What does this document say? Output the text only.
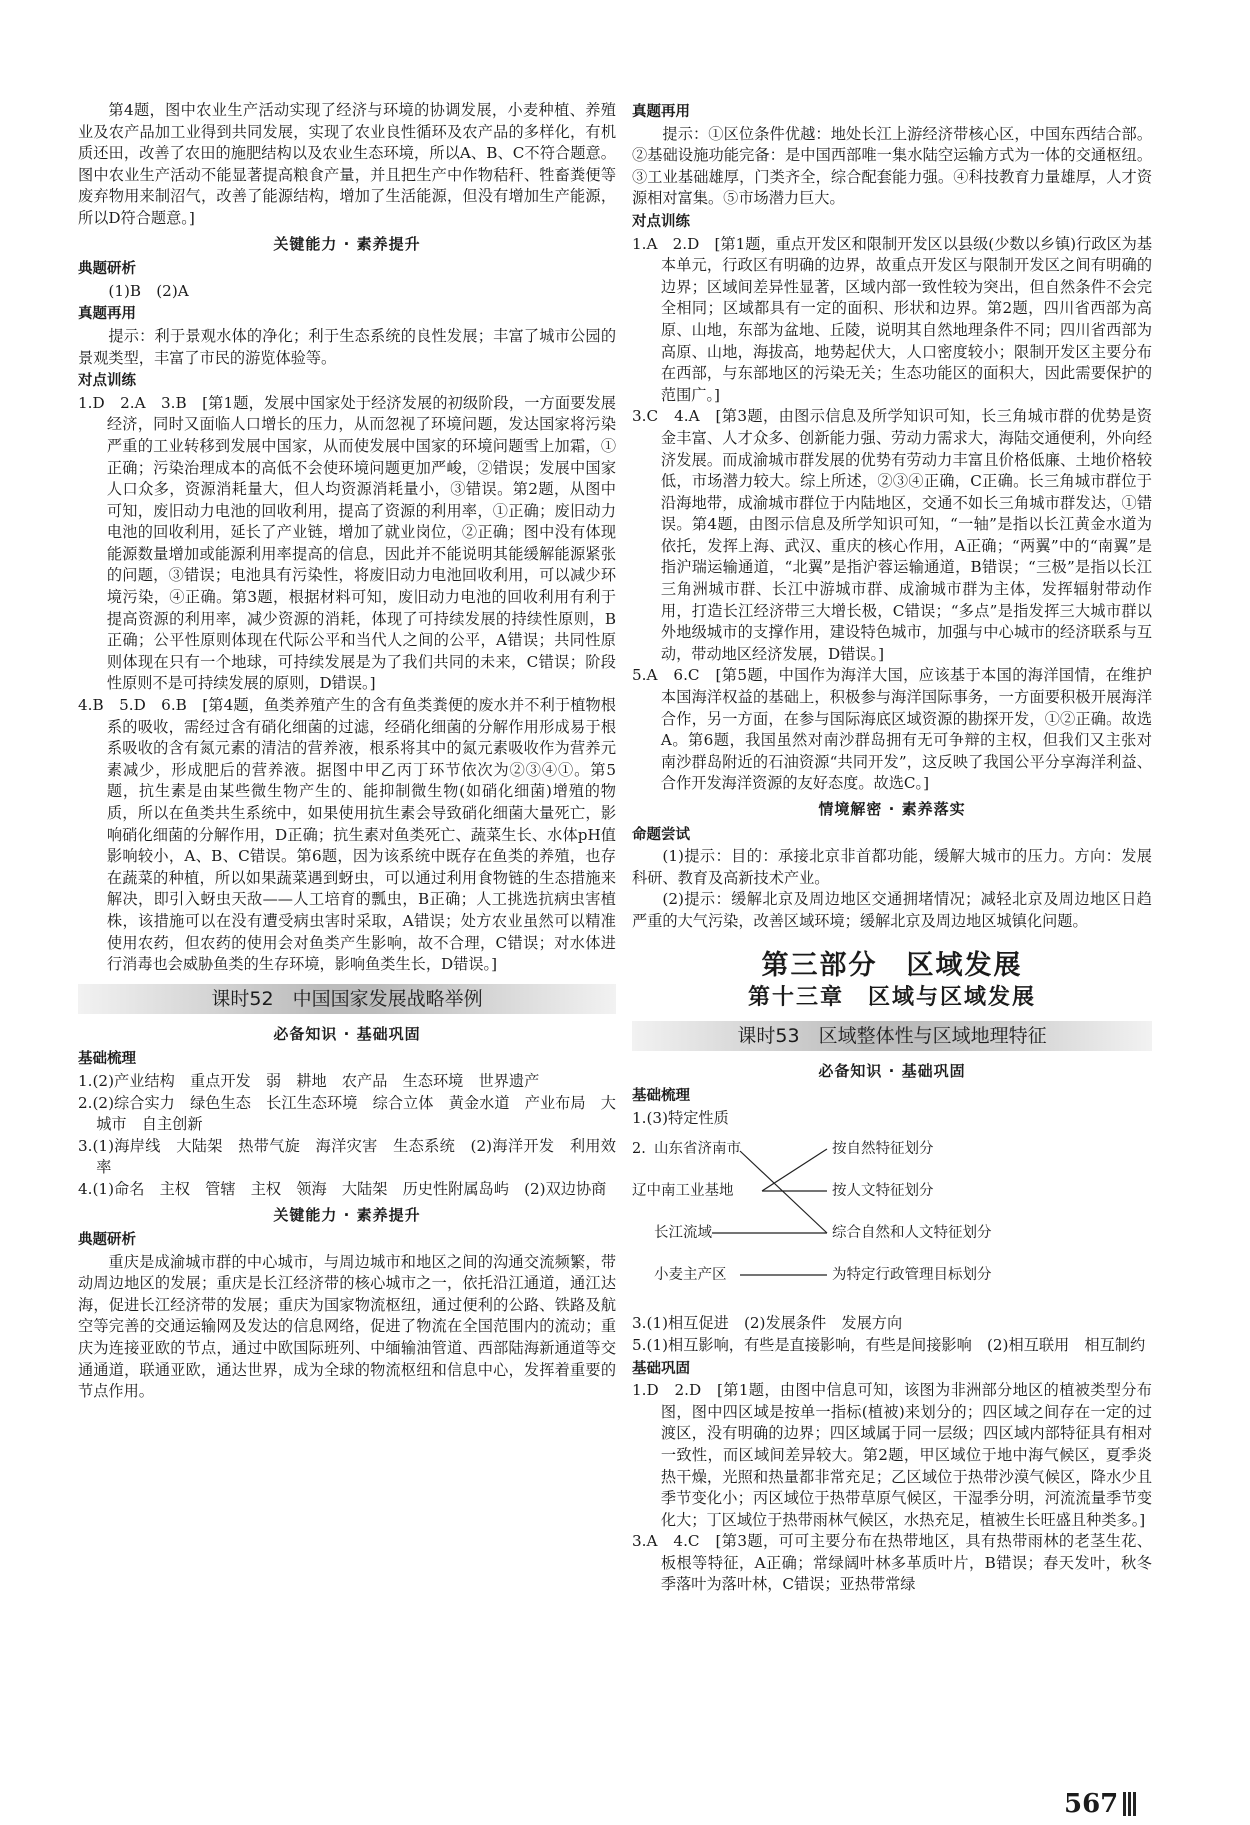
第4题，图中农业生产活动实现了经济与环境的协调发展，小麦种植、养殖业及农产品加工业得到共同发展，实现了农业良性循环及农产品的多样化，有机质还田，改善了农田的施肥结构以及农业生态环境，所以A、B、C不符合题意。图中农业生产活动不能显著提高粮食产量，并且把生产中作物秸秆、牲畜粪便等废弃物用来制沼气，改善了能源结构，增加了生活能源，但没有增加生产能源，所以D符合题意。]

关键能力 · 素养提升
典题研析

(1)B　(2)A

真题再用

提示：利于景观水体的净化；利于生态系统的良性发展；丰富了城市公园的景观类型，丰富了市民的游览体验等。

对点训练

1.D　2.A　3.B　[第1题，发展中国家处于经济发展的初级阶段，一方面要发展经济，同时又面临人口增长的压力，从而忽视了环境问题，发达国家将污染严重的工业转移到发展中国家，从而使发展中国家的环境问题雪上加霜，①正确；污染治理成本的高低不会使环境问题更加严峻，②错误；发展中国家人口众多，资源消耗量大，但人均资源消耗量小，③错误。第2题，从图中可知，废旧动力电池的回收利用，提高了资源的利用率，①正确；废旧动力电池的回收利用，延长了产业链，增加了就业岗位，②正确；图中没有体现能源数量增加或能源利用率提高的信息，因此并不能说明其能缓解能源紧张的问题，③错误；电池具有污染性，将废旧动力电池回收利用，可以减少环境污染，④正确。第3题，根据材料可知，废旧动力电池的回收利用有利于提高资源的利用率，减少资源的消耗，体现了可持续发展的持续性原则，B正确；公平性原则体现在代际公平和当代人之间的公平，A错误；共同性原则体现在只有一个地球，可持续发展是为了我们共同的未来，C错误；阶段性原则不是可持续发展的原则，D错误。]

4.B　5.D　6.B　[第4题，鱼类养殖产生的含有鱼类粪便的废水并不利于植物根系的吸收，需经过含有硝化细菌的过滤，经硝化细菌的分解作用形成易于根系吸收的含有氮元素的清洁的营养液，根系将其中的氮元素吸收作为营养元素减少，形成肥后的营养液。据图中甲乙丙丁环节依次为②③④①。第5题，抗生素是由某些微生物产生的、能抑制微生物(如硝化细菌)增殖的物质，所以在鱼类共生系统中，如果使用抗生素会导致硝化细菌大量死亡，影响硝化细菌的分解作用，D正确；抗生素对鱼类死亡、蔬菜生长、水体pH值影响较小，A、B、C错误。第6题，因为该系统中既存在鱼类的养殖，也存在蔬菜的种植，所以如果蔬菜遇到蚜虫，可以通过利用食物链的生态措施来解决，即引入蚜虫天敌——人工培育的瓢虫，B正确；人工挑选抗病虫害植株，该措施可以在没有遭受病虫害时采取，A错误；处方农业虽然可以精准使用农药，但农药的使用会对鱼类产生影响，故不合理，C错误；对水体进行消毒也会威胁鱼类的生存环境，影响鱼类生长，D错误。]

课时52　中国国家发展战略举例
必备知识 · 基础巩固
基础梳理

1.(2)产业结构　重点开发　弱　耕地　农产品　生态环境　世界遗产

2.(2)综合实力　绿色生态　长江生态环境　综合立体　黄金水道　产业布局　大城市　自主创新

3.(1)海岸线　大陆架　热带气旋　海洋灾害　生态系统　(2)海洋开发　利用效率

4.(1)命名　主权　管辖　主权　领海　大陆架　历史性附属岛屿　(2)双边协商

关键能力 · 素养提升
典题研析

重庆是成渝城市群的中心城市，与周边城市和地区之间的沟通交流频繁，带动周边地区的发展；重庆是长江经济带的核心城市之一，依托沿江通道，通江达海，促进长江经济带的发展；重庆为国家物流枢纽，通过便利的公路、铁路及航空等完善的交通运输网及发达的信息网络，促进了物流在全国范围内的流动；重庆为连接亚欧的节点，通过中欧国际班列、中缅输油管道、西部陆海新通道等交通通道，联通亚欧，通达世界，成为全球的物流枢纽和信息中心，发挥着重要的节点作用。

真题再用

提示：①区位条件优越：地处长江上游经济带核心区，中国东西结合部。②基础设施功能完备：是中国西部唯一集水陆空运输方式为一体的交通枢纽。③工业基础雄厚，门类齐全，综合配套能力强。④科技教育力量雄厚，人才资源相对富集。⑤市场潜力巨大。

对点训练

1.A　2.D　[第1题，重点开发区和限制开发区以县级(少数以乡镇)行政区为基本单元，行政区有明确的边界，故重点开发区与限制开发区之间有明确的边界；区域间差异性显著，区域内部一致性较为突出，但自然条件不会完全相同；区域都具有一定的面积、形状和边界。第2题，四川省西部为高原、山地，东部为盆地、丘陵，说明其自然地理条件不同；四川省西部为高原、山地，海拔高，地势起伏大，人口密度较小；限制开发区主要分布在西部，与东部地区的污染无关；生态功能区的面积大，因此需要保护的范围广。]

3.C　4.A　[第3题，由图示信息及所学知识可知，长三角城市群的优势是资金丰富、人才众多、创新能力强、劳动力需求大，海陆交通便利，外向经济发展。而成渝城市群发展的优势有劳动力丰富且价格低廉、土地价格较低，市场潜力较大。综上所述，②③④正确，C正确。长三角城市群位于沿海地带，成渝城市群位于内陆地区，交通不如长三角城市群发达，①错误。第4题，由图示信息及所学知识可知，“一轴”是指以长江黄金水道为依托，发挥上海、武汉、重庆的核心作用，A正确；“两翼”中的“南翼”是指沪瑞运输通道，“北翼”是指沪蓉运输通道，B错误；“三极”是指以长江三角洲城市群、长江中游城市群、成渝城市群为主体，发挥辐射带动作用，打造长江经济带三大增长极，C错误；“多点”是指发挥三大城市群以外地级城市的支撑作用，建设特色城市，加强与中心城市的经济联系与互动，带动地区经济发展，D错误。]

5.A　6.C　[第5题，中国作为海洋大国，应该基于本国的海洋国情，在维护本国海洋权益的基础上，积极参与海洋国际事务，一方面要积极开展海洋合作，另一方面，在参与国际海底区域资源的勘探开发，①②正确。故选A。第6题，我国虽然对南沙群岛拥有无可争辩的主权，但我们又主张对南沙群岛附近的石油资源“共同开发”，这反映了我国公平分享海洋利益、合作开发海洋资源的友好态度。故选C。]

情境解密 · 素养落实
命题尝试

(1)提示：目的：承接北京非首都功能，缓解大城市的压力。方向：发展科研、教育及高新技术产业。

(2)提示：缓解北京及周边地区交通拥堵情况；减轻北京及周边地区日趋严重的大气污染，改善区域环境；缓解北京及周边地区城镇化问题。

第三部分　区域发展
第十三章　区域与区域发展
课时53　区域整体性与区域地理特征
必备知识 · 基础巩固
基础梳理

1.(3)特定性质

2. 山东省济南市
辽中南工业基地
长江流域
小麦主产区
按自然特征划分
按人文特征划分
综合自然和人文特征划分
为特定行政管理目标划分

3.(1)相互促进　(2)发展条件　发展方向

5.(1)相互影响，有些是直接影响，有些是间接影响　(2)相互联用　相互制约

基础巩固

1.D　2.D　[第1题，由图中信息可知，该图为非洲部分地区的植被类型分布图，图中四区域是按单一指标(植被)来划分的；四区域之间存在一定的过渡区，没有明确的边界；四区域属于同一层级；四区域内部特征具有相对一致性，而区域间差异较大。第2题，甲区域位于地中海气候区，夏季炎热干燥，光照和热量都非常充足；乙区域位于热带沙漠气候区，降水少且季节变化小；丙区域位于热带草原气候区，干湿季分明，河流流量季节变化大；丁区域位于热带雨林气候区，水热充足，植被生长旺盛且种类多。]

3.A　4.C　[第3题，可可主要分布在热带地区，具有热带雨林的老茎生花、板根等特征，A正确；常绿阔叶林多革质叶片，B错误；春天发叶，秋冬季落叶为落叶林，C错误；亚热带常绿

567
